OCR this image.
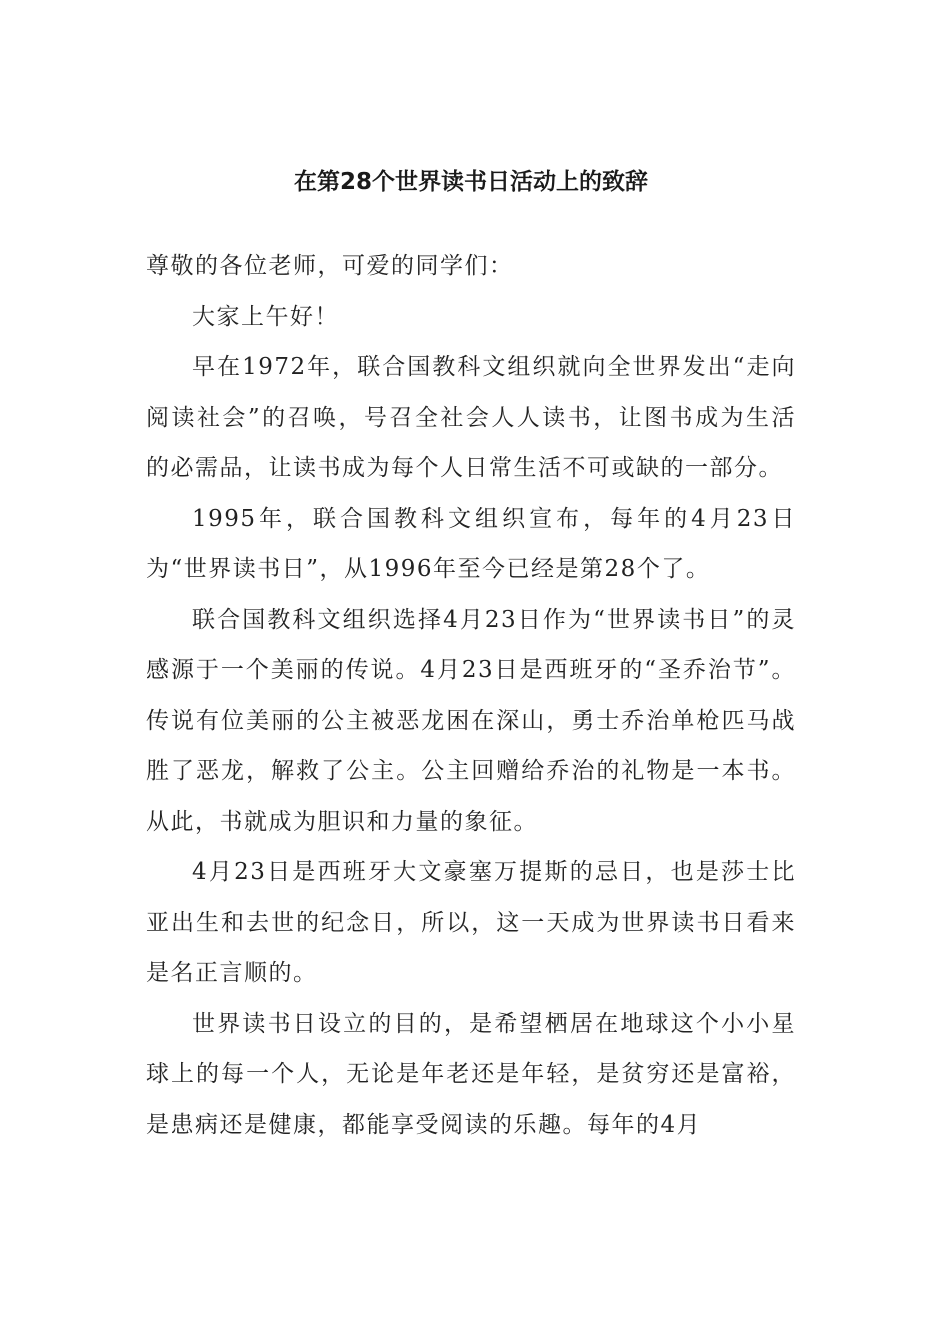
在第28个世界读书日活动上的致辞

尊敬的各位老师，可爱的同学们：

大家上午好！

早在1972年，联合国教科文组织就向全世界发出“走向阅读社会”的召唤，号召全社会人人读书，让图书成为生活的必需品，让读书成为每个人日常生活不可或缺的一部分。

1995年，联合国教科文组织宣布，每年的4月23日为“世界读书日”，从1996年至今已经是第28个了。

联合国教科文组织选择4月23日作为“世界读书日”的灵感源于一个美丽的传说。4月23日是西班牙的“圣乔治节”。传说有位美丽的公主被恶龙困在深山，勇士乔治单枪匹马战胜了恶龙，解救了公主。公主回赠给乔治的礼物是一本书。从此，书就成为胆识和力量的象征。

4月23日是西班牙大文豪塞万提斯的忌日，也是莎士比亚出生和去世的纪念日，所以，这一天成为世界读书日看来是名正言顺的。

世界读书日设立的目的，是希望栖居在地球这个小小星球上的每一个人，无论是年老还是年轻，是贫穷还是富裕，是患病还是健康，都能享受阅读的乐趣。每年的4月
